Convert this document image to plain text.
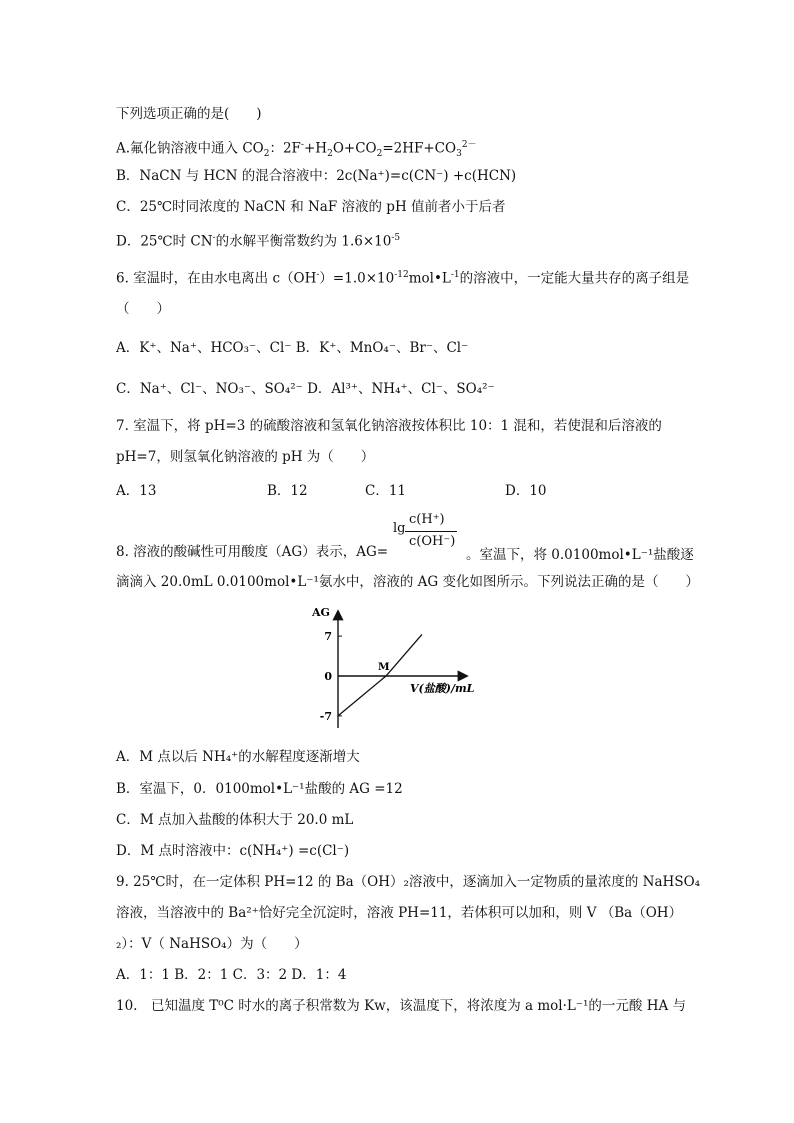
下列选项正确的是(　　)
A.氟化钠溶液中通入 $CO_2$：$2F^-+H_2O+CO_2=2HF+CO_3^{2-}$
B．NaCN 与 HCN 的混合溶液中：2c(Na⁺)=c(CN⁻) +c(HCN)
C．25℃时同浓度的 NaCN 和 NaF 溶液的 pH 值前者小于后者
D．25℃时 CN-的水解平衡常数约为 $1.6\times 10^{-5}$
6. 室温时，在由水电离出 $c(OH^-)=1.0\times 10^{-12}mol•L^{-1}$的溶液中，一定能大量共存的离子组是
（　　）
A．K⁺、Na⁺、HCO₃⁻、Cl⁻ B．K⁺、MnO₄⁻、Br⁻、Cl⁻
C．Na⁺、Cl⁻、NO₃⁻、SO₄²⁻ D．Al³⁺、NH₄⁺、Cl⁻、SO₄²⁻
7. 室温下，将 pH=3 的硫酸溶液和氢氧化钠溶液按体积比 10：1 混和，若使混和后溶液的
pH=7，则氢氧化钠溶液的 pH 为（　　）
A．13	B．12	C．11	D．10
8. 溶液的酸碱性可用酸度（AG）表示，AG=
lg
c(H⁺)
c(OH⁻)
。室温下，将 0.0100mol•L⁻¹盐酸逐
滴滴入 20.0mL 0.0100mol•L⁻¹氨水中，溶液的 AG 变化如图所示。下列说法正确的是（　　）
AG
7
0
-7
V(盐酸)/mL
M
A．M 点以后 NH₄⁺的水解程度逐渐增大
B．室温下，0．0100mol•L⁻¹盐酸的 AG =12
C．M 点加入盐酸的体积大于 20.0 mL
D．M 点时溶液中：c(NH₄⁺) =c(Cl⁻)
9. 25℃时，在一定体积 PH=12 的 Ba（OH）₂溶液中，逐滴加入一定物质的量浓度的 NaHSO₄
溶液，当溶液中的 Ba²⁺恰好完全沉淀时，溶液 PH=11，若体积可以加和，则 V （Ba（OH）
₂）：V（ NaHSO₄）为（　　）
A．1：1 B．2：1 C．3：2 D．1：4
10.　已知温度 T⁰C 时水的离子积常数为 Kw，该温度下，将浓度为 a mol·L⁻¹的一元酸 HA 与
